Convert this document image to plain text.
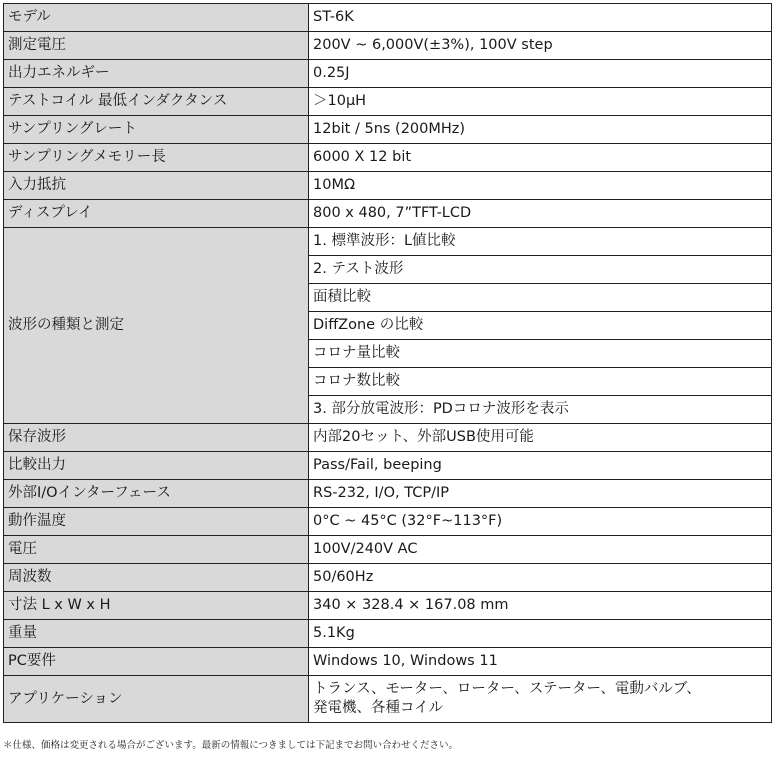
モデル	ST-6K
測定電圧	200V ~ 6,000V(±3%), 100V step
出力エネルギー	0.25J
テストコイル 最低インダクタンス	＞10μH
サンプリングレート	12bit / 5ns (200MHz)
サンプリングメモリー長	6000 X 12 bit
入力抵抗	10MΩ
ディスプレイ	800 x 480, 7”TFT-LCD
波形の種類と測定	1. 標準波形：L値比較
	2. テスト波形
	面積比較
	DiffZone の比較
	コロナ量比較
	コロナ数比較
	3. 部分放電波形：PDコロナ波形を表示
保存波形	内部20セット、外部USB使用可能
比較出力	Pass/Fail, beeping
外部I/Oインターフェース	RS-232, I/O, TCP/IP
動作温度	0°C ~ 45°C (32°F~113°F)
電圧	100V/240V AC
周波数	50/60Hz
寸法 L x W x H	340 × 328.4 × 167.08 mm
重量	5.1Kg
PC要件	Windows 10, Windows 11
アプリケーション	トランス、モーター、ローター、ステーター、電動バルブ、
発電機、各種コイル
＊仕様、価格は変更される場合がございます。最新の情報につきましては下記までお問い合わせください。
